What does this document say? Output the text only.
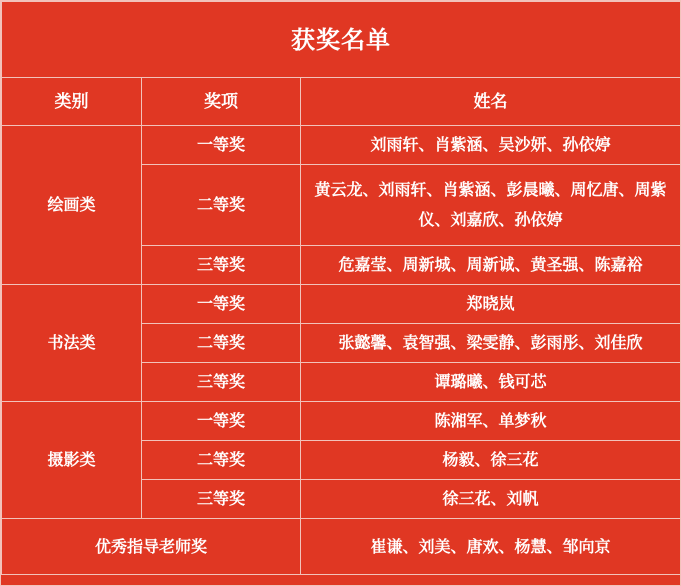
获奖名单		
类别	奖项	姓名
绘画类	一等奖	刘雨轩、肖紫涵、吴沙妍、孙依婷
	二等奖	黄云龙、刘雨轩、肖紫涵、彭晨曦、周忆唐、周紫仪、刘嘉欣、孙依婷
	三等奖	危嘉莹、周新城、周新诚、黄圣强、陈嘉裕
书法类	一等奖	郑晓岚
	二等奖	张懿馨、袁智强、梁雯静、彭雨彤、刘佳欣
	三等奖	谭璐曦、钱可芯
摄影类	一等奖	陈湘军、单梦秋
	二等奖	杨毅、徐三花
	三等奖	徐三花、刘帆
优秀指导老师奖		崔谦、刘美、唐欢、杨慧、邹向京
